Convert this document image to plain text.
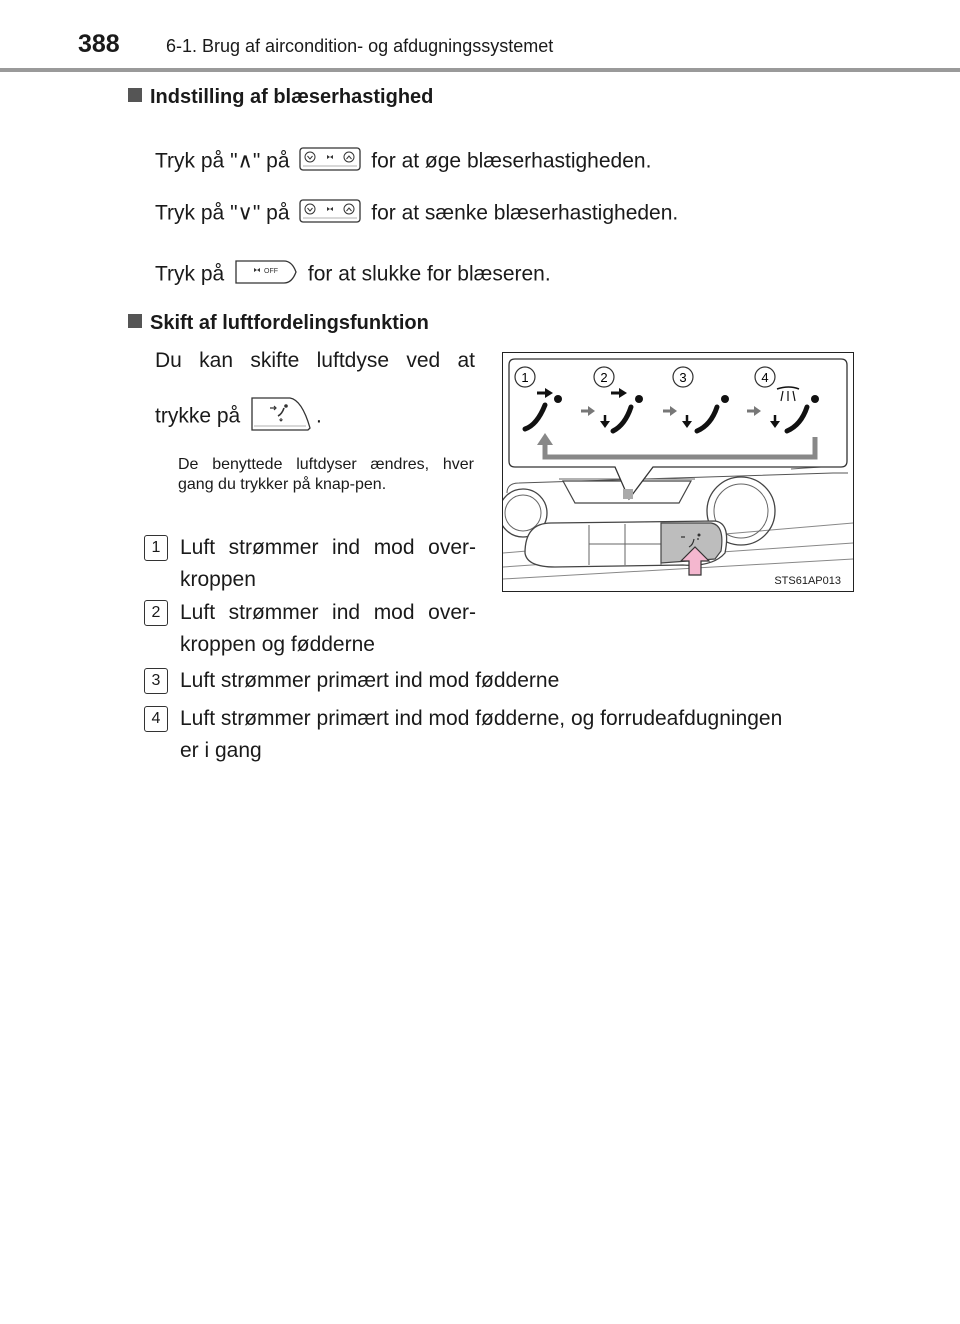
388	6-1. Brug af aircondition- og afdugningssystemet
Indstilling af blæserhastighed
Tryk på "∧" på	for at øge blæserhastigheden.
Tryk på "∨" på	for at sænke blæserhastigheden.
Tryk på	OFF for at slukke for blæseren.
Skift af luftfordelingsfunktion
Du kan skifte luftdyse ved at
trykke på	.
De benyttede luftdyser ændres, hver gang du trykker på knap-pen.
1	2	3	4
STS61AP013
1 Luft strømmer ind mod over-
kroppen
2 Luft strømmer ind mod over-
kroppen og fødderne
3 Luft strømmer primært ind mod fødderne
4 Luft strømmer primært ind mod fødderne, og forrudeafdugningen
er i gang
